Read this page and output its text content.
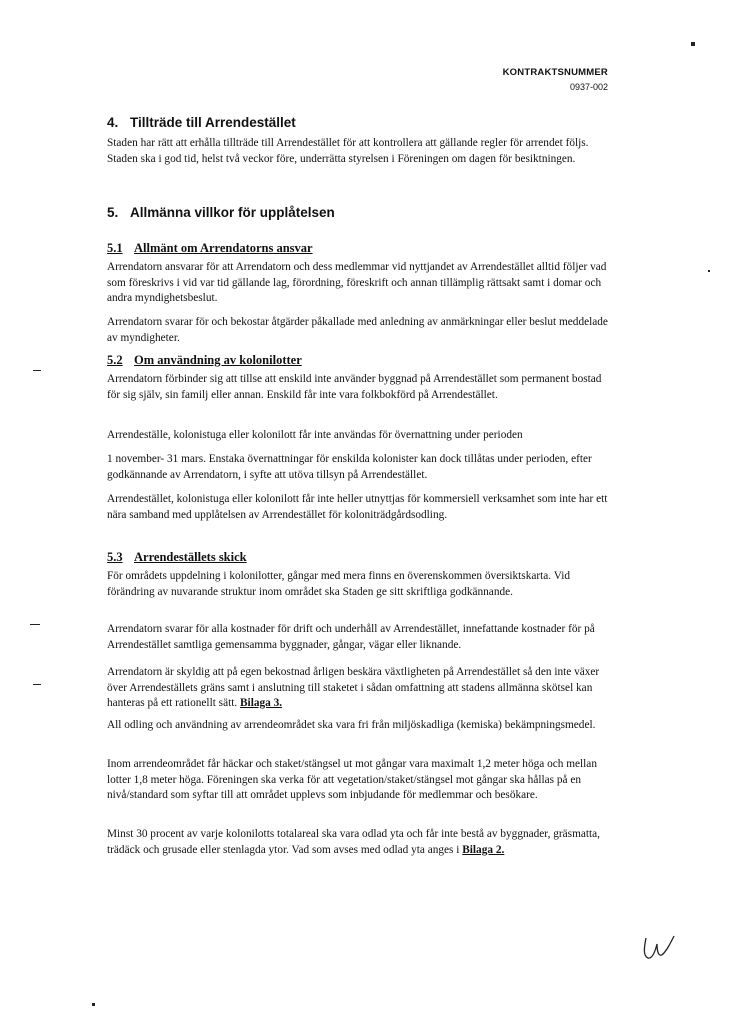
KONTRAKTSNUMMER
0937-002
4. Tillträde till Arrendestället

Staden har rätt att erhålla tillträde till Arrendestället för att kontrollera att gällande regler för arrendet följs. Staden ska i god tid, helst två veckor före, underrätta styrelsen i Föreningen om dagen för besiktningen.

5. Allmänna villkor för upplåtelsen
5.1 Allmänt om Arrendatorns ansvar

Arrendatorn ansvarar för att Arrendatorn och dess medlemmar vid nyttjandet av Arrendestället alltid följer vad som föreskrivs i vid var tid gällande lag, förordning, föreskrift och annan tillämplig rättsakt samt i domar och andra myndighetsbeslut.

Arrendatorn svarar för och bekostar åtgärder påkallade med anledning av anmärkningar eller beslut meddelade av myndigheter.

5.2 Om användning av kolonilotter

Arrendatorn förbinder sig att tillse att enskild inte använder byggnad på Arrendestället som permanent bostad för sig själv, sin familj eller annan. Enskild får inte vara folkbokförd på Arrendestället.

Arrendeställe, kolonistuga eller kolonilott får inte användas för övernattning under perioden

1 november- 31 mars. Enstaka övernattningar för enskilda kolonister kan dock tillåtas under perioden, efter godkännande av Arrendatorn, i syfte att utöva tillsyn på Arrendestället.

Arrendestället, kolonistuga eller kolonilott får inte heller utnyttjas för kommersiell verksamhet som inte har ett nära samband med upplåtelsen av Arrendestället för koloniträdgårdsodling.

5.3 Arrendeställets skick

För områdets uppdelning i kolonilotter, gångar med mera finns en överenskommen översiktskarta. Vid förändring av nuvarande struktur inom området ska Staden ge sitt skriftliga godkännande.

Arrendatorn svarar för alla kostnader för drift och underhåll av Arrendestället, innefattande kostnader för på Arrendestället samtliga gemensamma byggnader, gångar, vägar eller liknande.

Arrendatorn är skyldig att på egen bekostnad årligen beskära växtligheten på Arrendestället så den inte växer över Arrendeställets gräns samt i anslutning till staketet i sådan omfattning att stadens allmänna skötsel kan hanteras på ett rationellt sätt. Bilaga 3.

All odling och användning av arrendeområdet ska vara fri från miljöskadliga (kemiska) bekämpningsmedel.

Inom arrendeområdet får häckar och staket/stängsel ut mot gångar vara maximalt 1,2 meter höga och mellan lotter 1,8 meter höga. Föreningen ska verka för att vegetation/staket/stängsel mot gångar ska hållas på en nivå/standard som syftar till att området upplevs som inbjudande för medlemmar och besökare.

Minst 30 procent av varje kolonilotts totalareal ska vara odlad yta och får inte bestå av byggnader, gräsmatta, trädäck och grusade eller stenlagda ytor. Vad som avses med odlad yta anges i Bilaga 2.
